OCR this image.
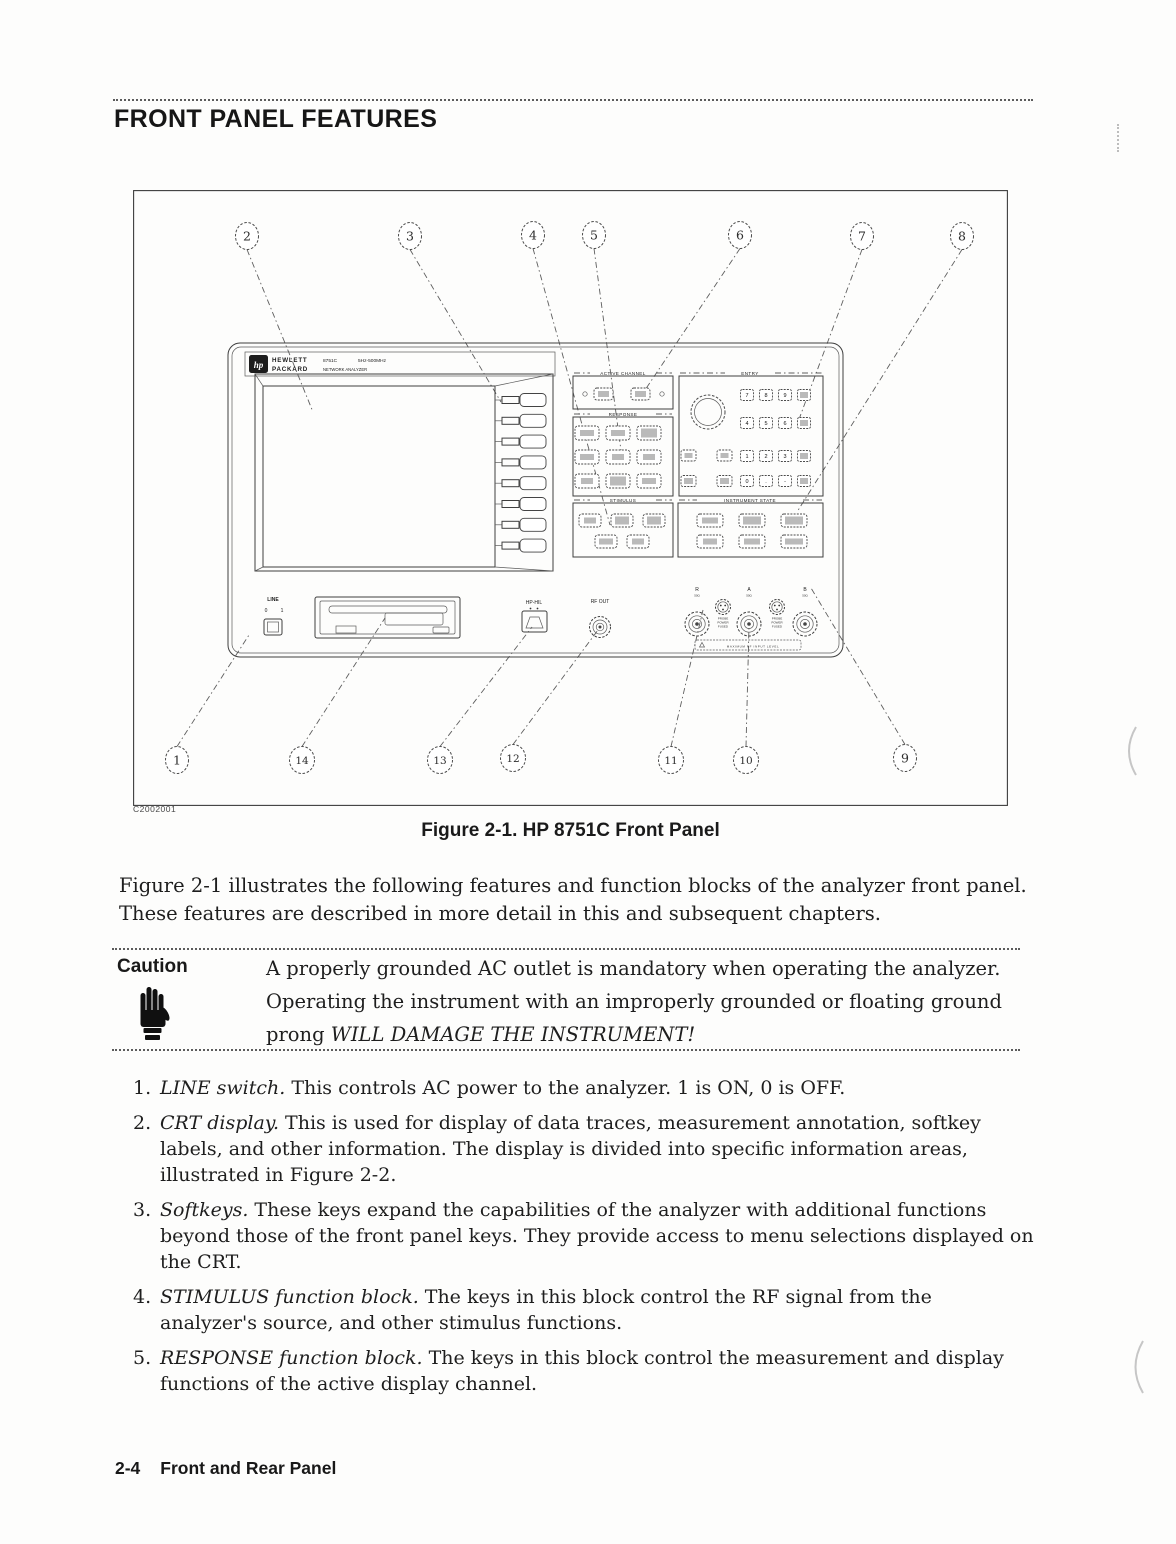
FRONT PANEL FEATURES
2	3	4	5	6	7	8
1	14	13	12	11	10	9
hp HEWLETT
PACKARD
8751C	5Hz-500MHz
NETWORK ANALYZER
ACTIVE CHANNEL	ENTRY
7	8	9
4	5	6
1	2	3
0	.	-
RESPONSE
STIMULUS	INSTRUMENT STATE
LINE
0	1
HP-HIL	RF OUT
R
50Ω
PROBE
POWER
FUSED
A
50Ω
PROBE
POWER
FUSED
B
50Ω
MAXIMUM RF INPUT LEVEL
C2002001
Figure 2-1. HP 8751C Front Panel
Figure 2-1 illustrates the following features and function blocks of the analyzer front panel.
These features are described in more detail in this and subsequent chapters.
Caution	A properly grounded AC outlet is mandatory when operating the analyzer.
Operating the instrument with an improperly grounded or floating ground
prong WILL DAMAGE THE INSTRUMENT!
1. LINE switch. This controls AC power to the analyzer. 1 is ON, 0 is OFF.
2. CRT display. This is used for display of data traces, measurement annotation, softkey labels, and other information. The display is divided into specific information areas, illustrated in Figure 2-2.
3. Softkeys. These keys expand the capabilities of the analyzer with additional functions beyond those of the front panel keys. They provide access to menu selections displayed on the CRT.
4. STIMULUS function block. The keys in this block control the RF signal from the analyzer's source, and other stimulus functions.
5. RESPONSE function block. The keys in this block control the measurement and display functions of the active display channel.
2-4 Front and Rear Panel
